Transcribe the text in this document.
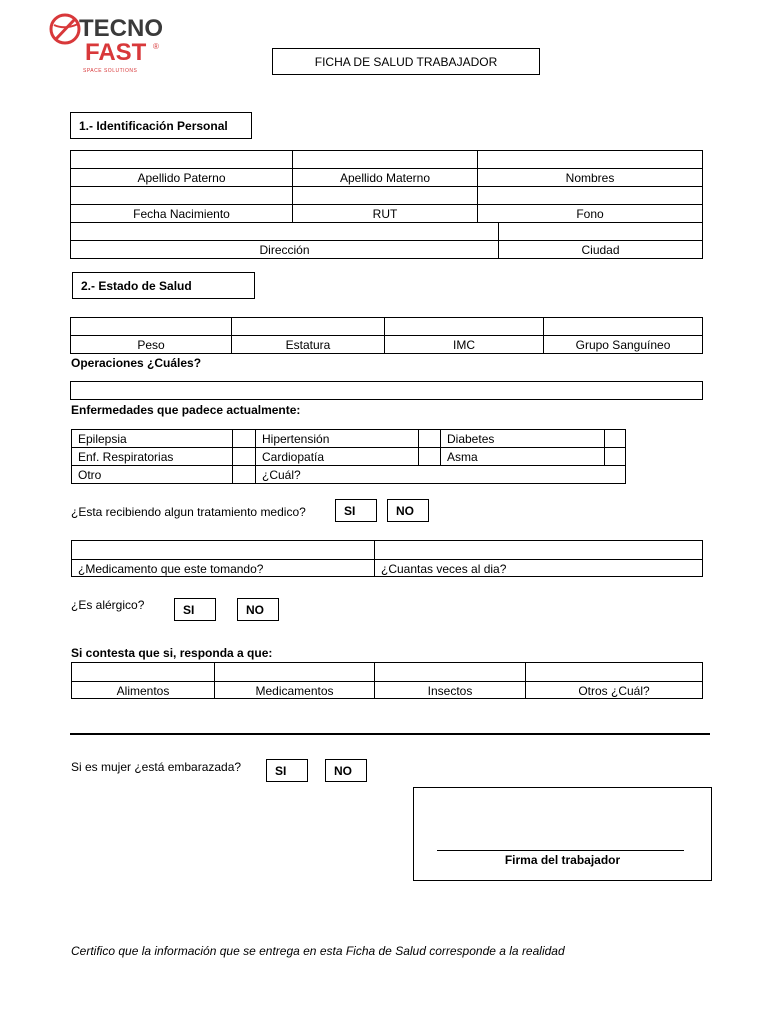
TECNO
FAST ®
SPACE SOLUTIONS
FICHA DE SALUD TRABAJADOR
1.- Identificación Personal
Apellido Paterno	Apellido Materno	Nombres
Fecha Nacimiento	RUT	Fono
Dirección	Ciudad
2.- Estado de Salud
Peso	Estatura	IMC	Grupo Sanguíneo
Operaciones ¿Cuáles?
Enfermedades que padece actualmente:
Epilepsia	Hipertensión	Diabetes
Enf. Respiratorias	Cardiopatía	Asma
Otro	¿Cuál?
¿Esta recibiendo algun tratamiento medico?	SI	NO
¿Medicamento que este tomando?	¿Cuantas veces al dia?
¿Es alérgico?	SI	NO
Si contesta que si, responda a que:
Alimentos	Medicamentos	Insectos	Otros ¿Cuál?
Si es mujer ¿está embarazada?	SI	NO
Firma del trabajador
Certifico que la información que se entrega en esta Ficha de Salud corresponde a la realidad
